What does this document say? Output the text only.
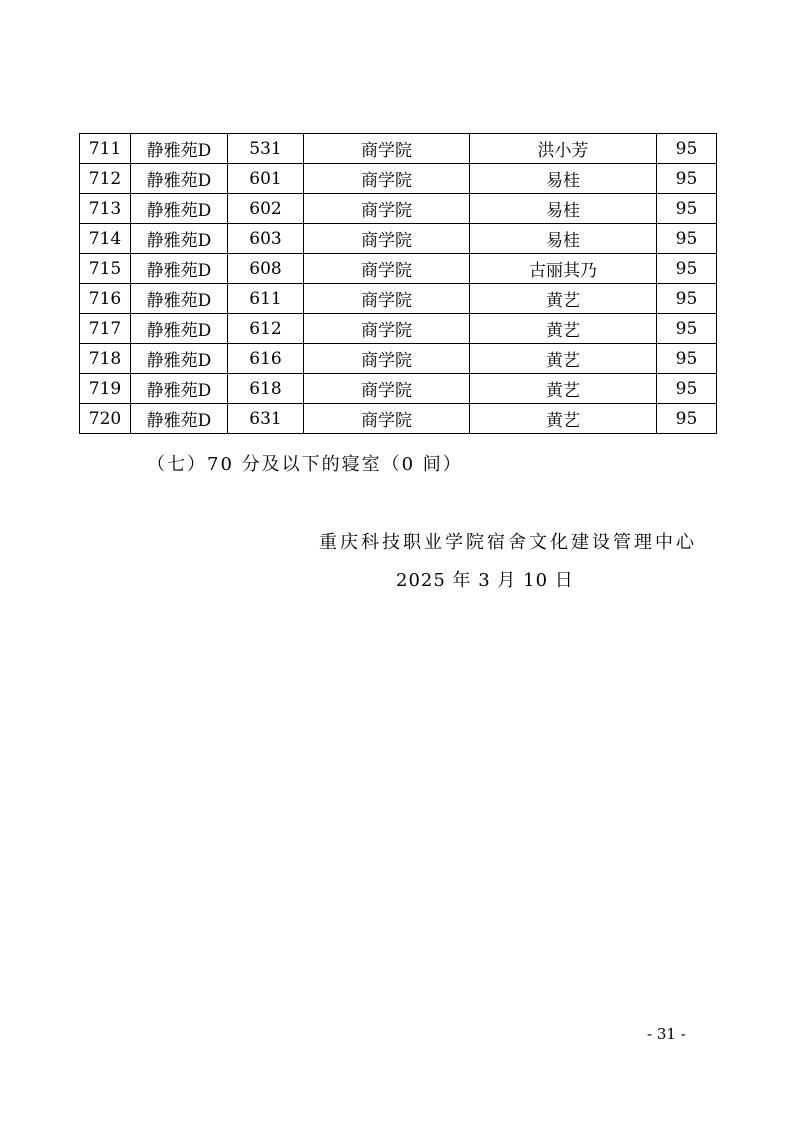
711	静雅苑D	531	商学院	洪小芳	95
712	静雅苑D	601	商学院	易桂	95
713	静雅苑D	602	商学院	易桂	95
714	静雅苑D	603	商学院	易桂	95
715	静雅苑D	608	商学院	古丽其乃	95
716	静雅苑D	611	商学院	黄艺	95
717	静雅苑D	612	商学院	黄艺	95
718	静雅苑D	616	商学院	黄艺	95
719	静雅苑D	618	商学院	黄艺	95
720	静雅苑D	631	商学院	黄艺	95
（七）70 分及以下的寝室（0 间）
重庆科技职业学院宿舍文化建设管理中心
2025 年 3 月 10 日
- 31 -
